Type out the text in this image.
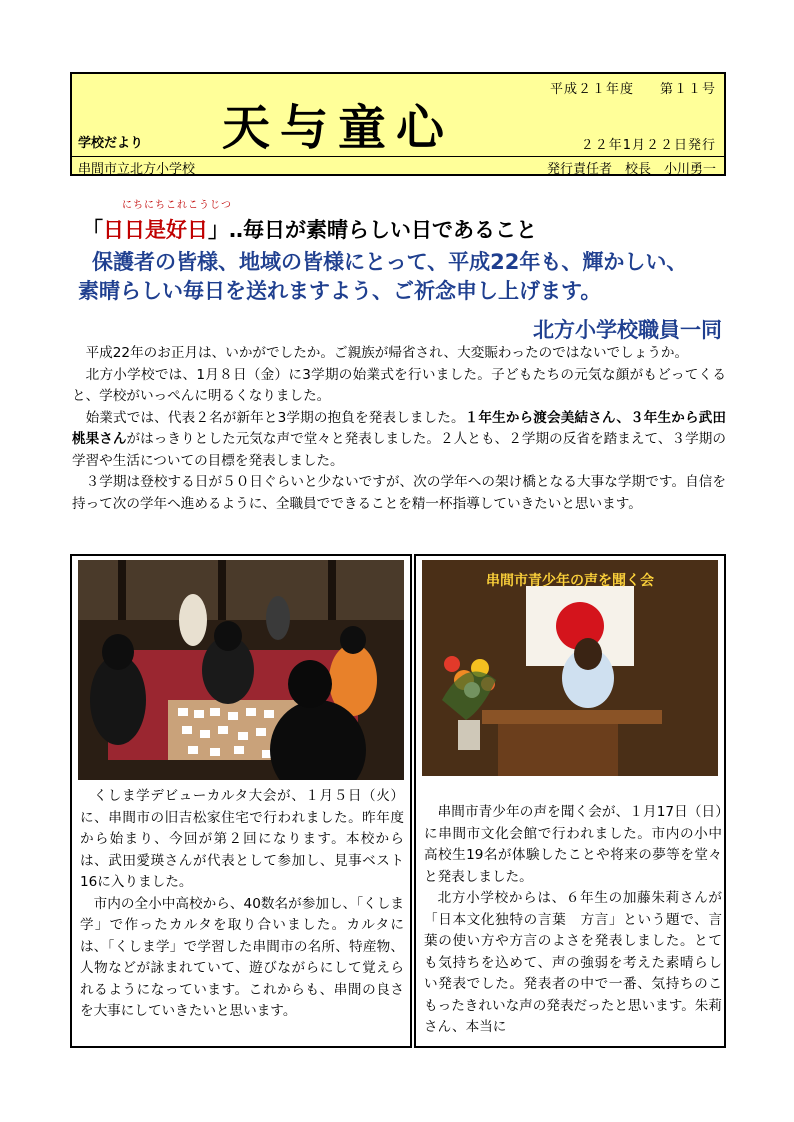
平成２１年度 第１１号
学校だより 天与童心	２２年1月２２日発行
串間市立北方小学校	発行責任者　校長　小川勇一
にちにちこれこうじつ
「日日是好日」‥毎日が素晴らしい日であること
保護者の皆様、地域の皆様にとって、平成22年も、輝かしい、
素晴らしい毎日を送れますよう、ご祈念申し上げます。
北方小学校職員一同

平成22年のお正月は、いかがでしたか。ご親族が帰省され、大変賑わったのではないでしょうか。

北方小学校では、1月８日（金）に3学期の始業式を行いました。子どもたちの元気な顔がもどってくると、学校がいっぺんに明るくなりました。

始業式では、代表２名が新年と3学期の抱負を発表しました。１年生から渡会美結さん、３年生から武田桃果さんがはっきりとした元気な声で堂々と発表しました。２人とも、２学期の反省を踏まえて、３学期の学習や生活についての目標を発表しました。

３学期は登校する日が５０日ぐらいと少ないですが、次の学年への架け橋となる大事な学期です。自信を持って次の学年へ進めるように、全職員でできることを精一杯指導していきたいと思います。

くしま学デビューカルタ大会が、１月５日（火）に、串間市の旧吉松家住宅で行われました。昨年度から始まり、今回が第２回になります。本校からは、武田愛瑛さんが代表として参加し、見事ベスト16に入りました。

市内の全小中高校から、40数名が参加し、「くしま学」で作ったカルタを取り合いました。カルタには、「くしま学」で学習した串間市の名所、特産物、人物などが詠まれていて、遊びながらにして覚えられるようになっています。これからも、串間の良さを大事にしていきたいと思います。

串間市青少年の声を聞く会

串間市青少年の声を聞く会が、１月17日（日）に串間市文化会館で行われました。市内の小中高校生19名が体験したことや将来の夢等を堂々と発表しました。

北方小学校からは、６年生の加藤朱莉さんが「日本文化独特の言葉　方言」という題で、言葉の使い方や方言のよさを発表しました。とても気持ちを込めて、声の強弱を考えた素晴らしい発表でした。発表者の中で一番、気持ちのこもったきれいな声の発表だったと思います。朱莉さん、本当に
